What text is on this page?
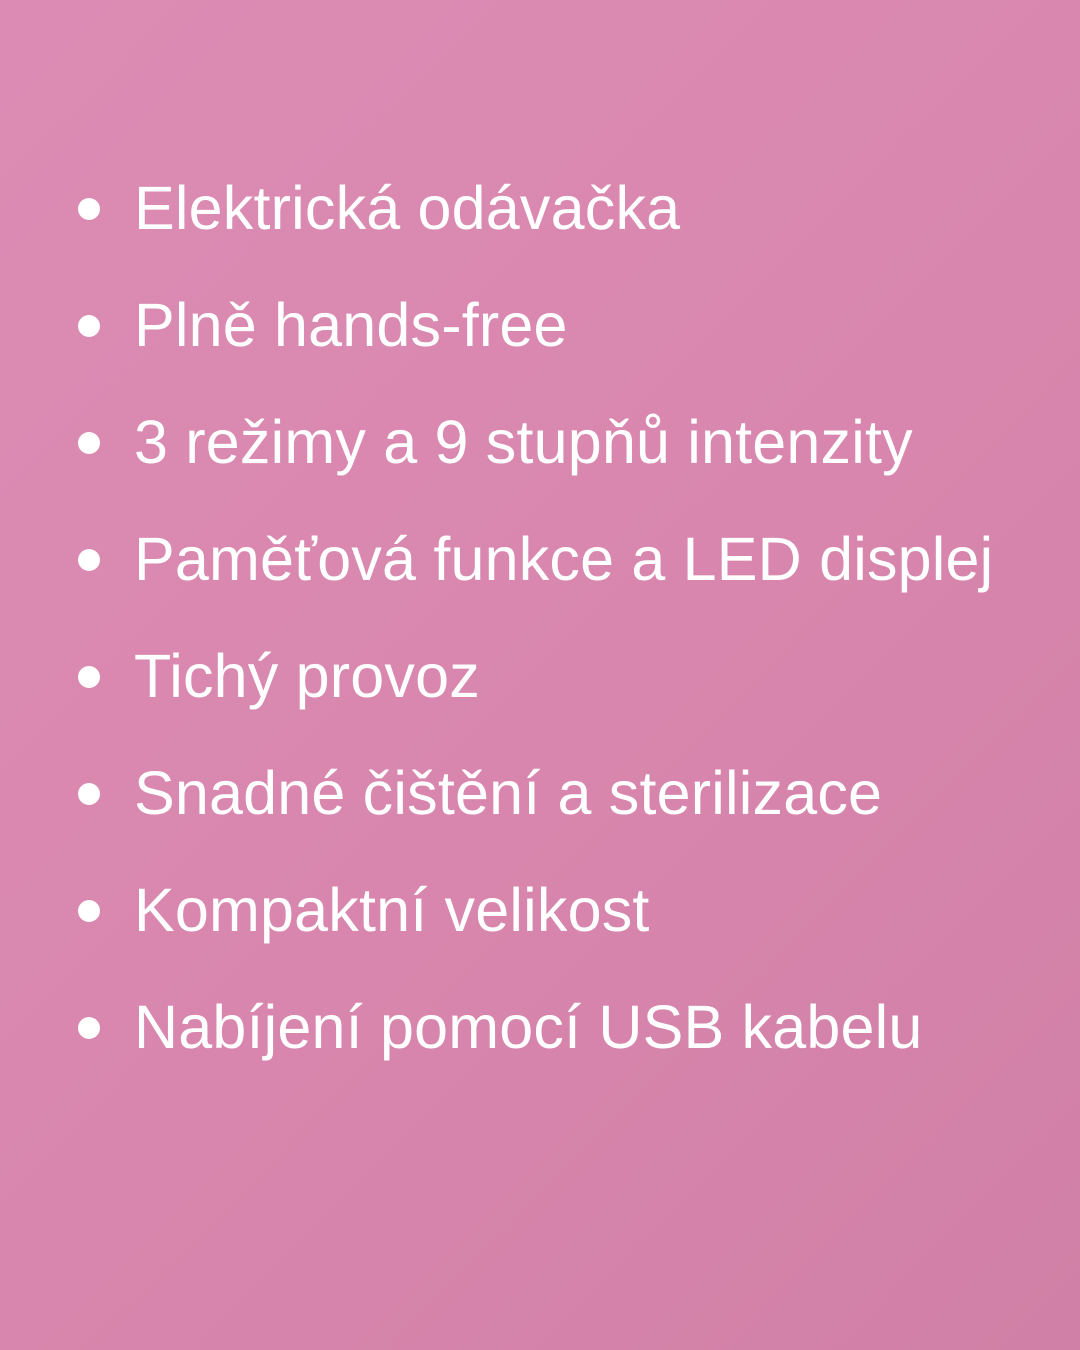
Elektrická odávačka
Plně hands-free
3 režimy a 9 stupňů intenzity
Paměťová funkce a LED displej
Tichý provoz
Snadné čištění a sterilizace
Kompaktní velikost
Nabíjení pomocí USB kabelu
